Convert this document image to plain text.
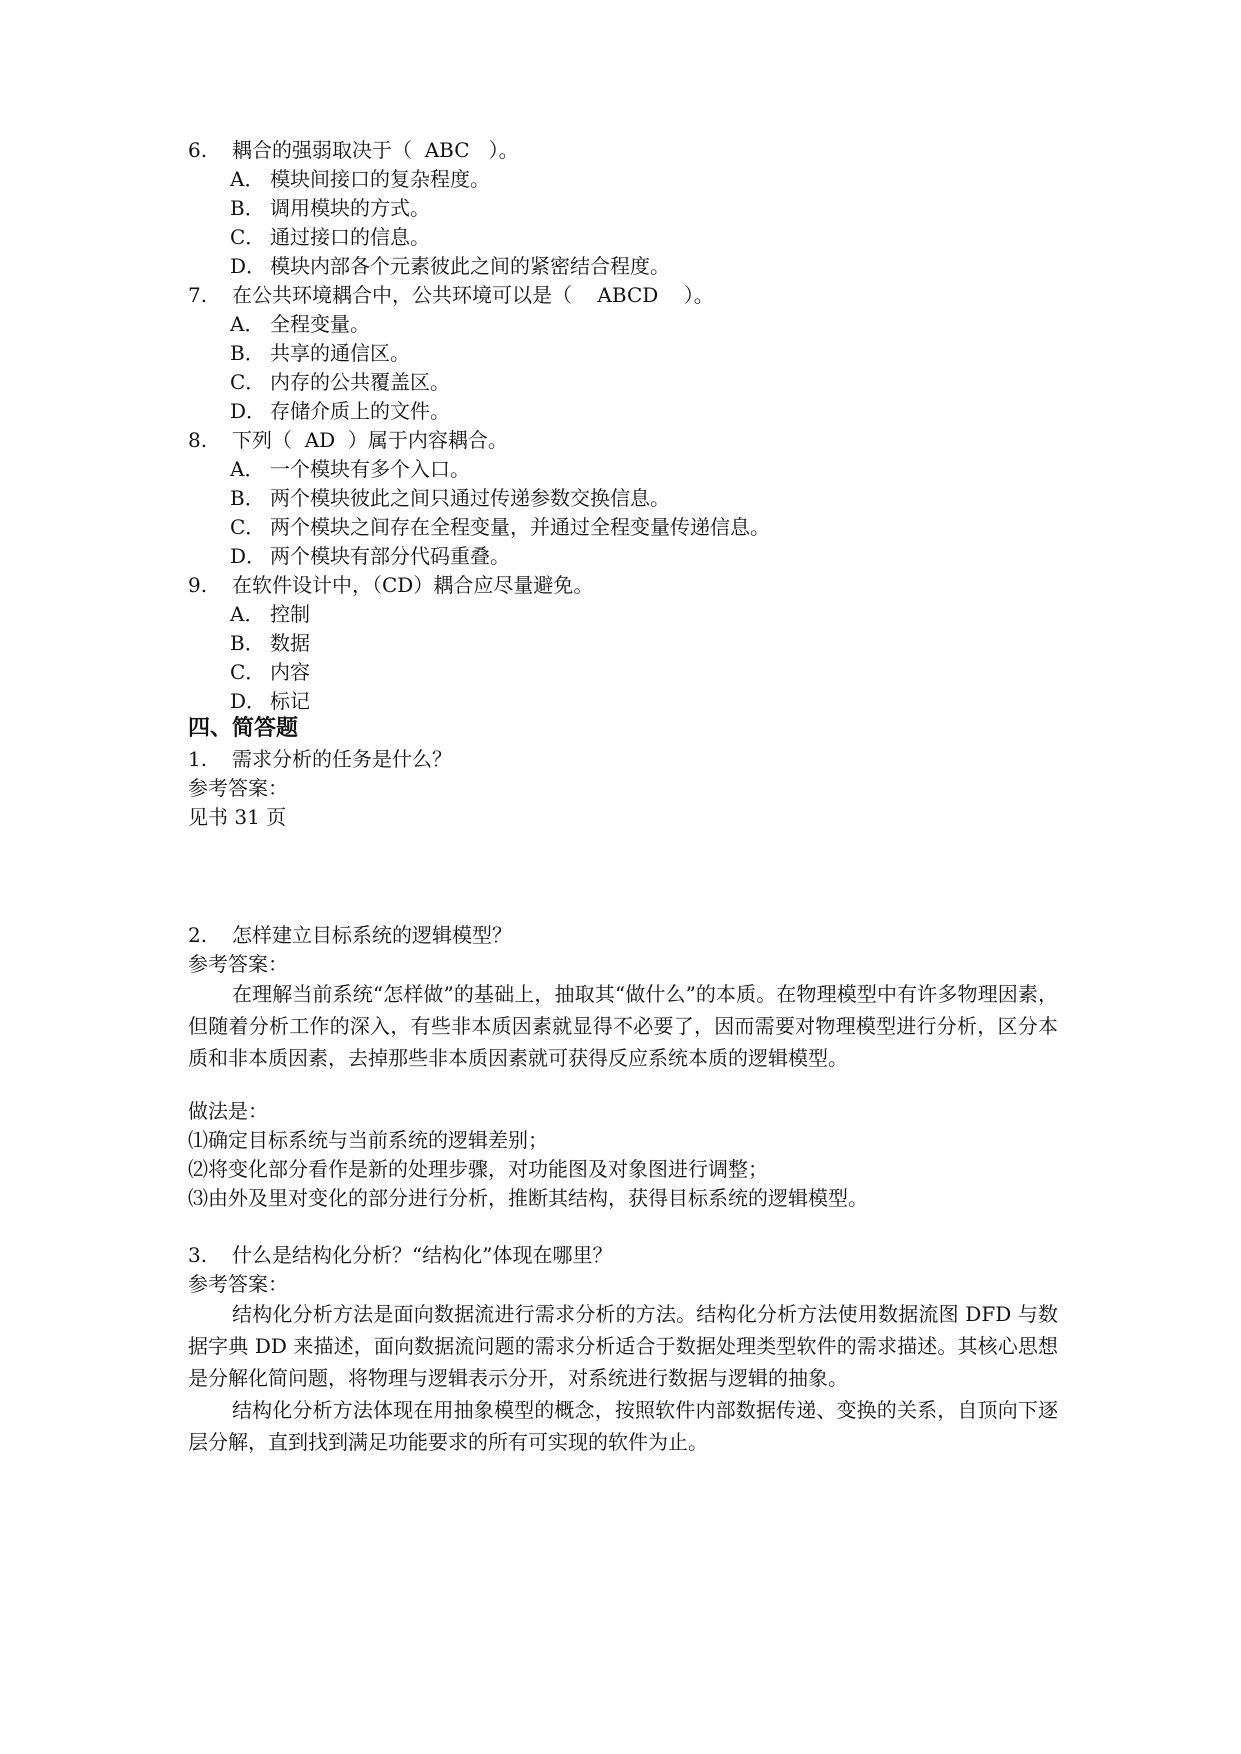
6. 耦合的强弱取决于（  ABC   ）。
A． 模块间接口的复杂程度。
B． 调用模块的方式。
C． 通过接口的信息。
D． 模块内部各个元素彼此之间的紧密结合程度。
7. 在公共环境耦合中，公共环境可以是（    ABCD    ）。
A． 全程变量。
B． 共享的通信区。
C． 内存的公共覆盖区。
D． 存储介质上的文件。
8. 下列（  AD  ）属于内容耦合。
A． 一个模块有多个入口。
B． 两个模块彼此之间只通过传递参数交换信息。
C． 两个模块之间存在全程变量，并通过全程变量传递信息。
D． 两个模块有部分代码重叠。
9. 在软件设计中，（CD）耦合应尽量避免。
A． 控制
B． 数据
C． 内容
D． 标记
四、简答题
1. 需求分析的任务是什么？
参考答案：
见书 31 页
2. 怎样建立目标系统的逻辑模型？
参考答案：
在理解当前系统“怎样做”的基础上，抽取其“做什么”的本质。在物理模型中有许多物理因素，但随着分析工作的深入，有些非本质因素就显得不必要了，因而需要对物理模型进行分析，区分本质和非本质因素，去掉那些非本质因素就可获得反应系统本质的逻辑模型。
做法是：
⑴确定目标系统与当前系统的逻辑差别；
⑵将变化部分看作是新的处理步骤，对功能图及对象图进行调整；
⑶由外及里对变化的部分进行分析，推断其结构，获得目标系统的逻辑模型。
3. 什么是结构化分析？“结构化”体现在哪里？
参考答案：
结构化分析方法是面向数据流进行需求分析的方法。结构化分析方法使用数据流图 DFD 与数据字典 DD 来描述，面向数据流问题的需求分析适合于数据处理类型软件的需求描述。其核心思想是分解化简问题，将物理与逻辑表示分开，对系统进行数据与逻辑的抽象。
结构化分析方法体现在用抽象模型的概念，按照软件内部数据传递、变换的关系，自顶向下逐层分解，直到找到满足功能要求的所有可实现的软件为止。
